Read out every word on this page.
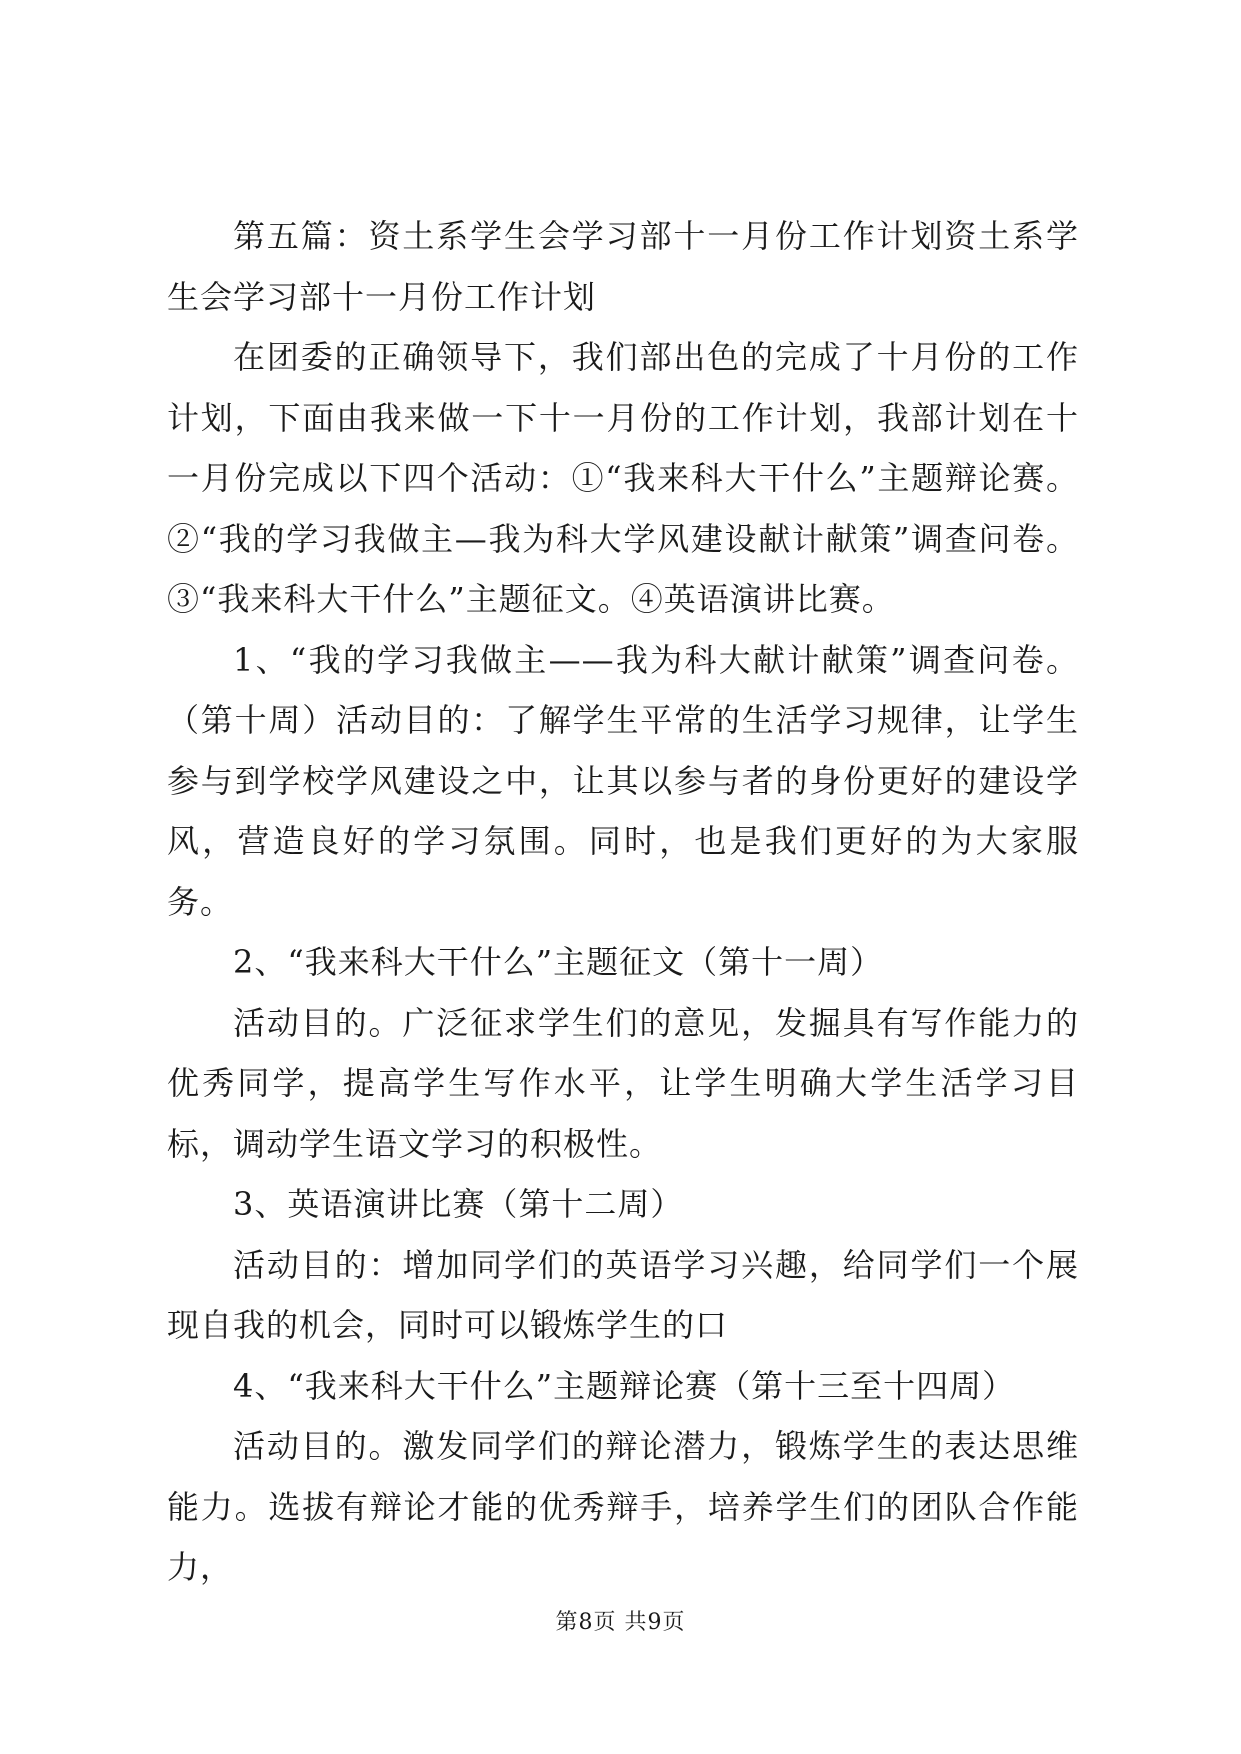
第五篇：资土系学生会学习部十一月份工作计划资土系学生会学习部十一月份工作计划

在团委的正确领导下，我们部出色的完成了十月份的工作计划，下面由我来做一下十一月份的工作计划，我部计划在十一月份完成以下四个活动：①“我来科大干什么”主题辩论赛。②“我的学习我做主—我为科大学风建设献计献策”调查问卷。③“我来科大干什么”主题征文。④英语演讲比赛。

1、“我的学习我做主——我为科大献计献策”调查问卷。（第十周）活动目的：了解学生平常的生活学习规律，让学生参与到学校学风建设之中，让其以参与者的身份更好的建设学风，营造良好的学习氛围。同时，也是我们更好的为大家服务。

2、“我来科大干什么”主题征文（第十一周）

活动目的。广泛征求学生们的意见，发掘具有写作能力的优秀同学，提高学生写作水平，让学生明确大学生活学习目标，调动学生语文学习的积极性。

3、英语演讲比赛（第十二周）

活动目的：增加同学们的英语学习兴趣，给同学们一个展现自我的机会，同时可以锻炼学生的口

4、“我来科大干什么”主题辩论赛（第十三至十四周）

活动目的。激发同学们的辩论潜力，锻炼学生的表达思维能力。选拔有辩论才能的优秀辩手，培养学生们的团队合作能力，

第8页 共9页
